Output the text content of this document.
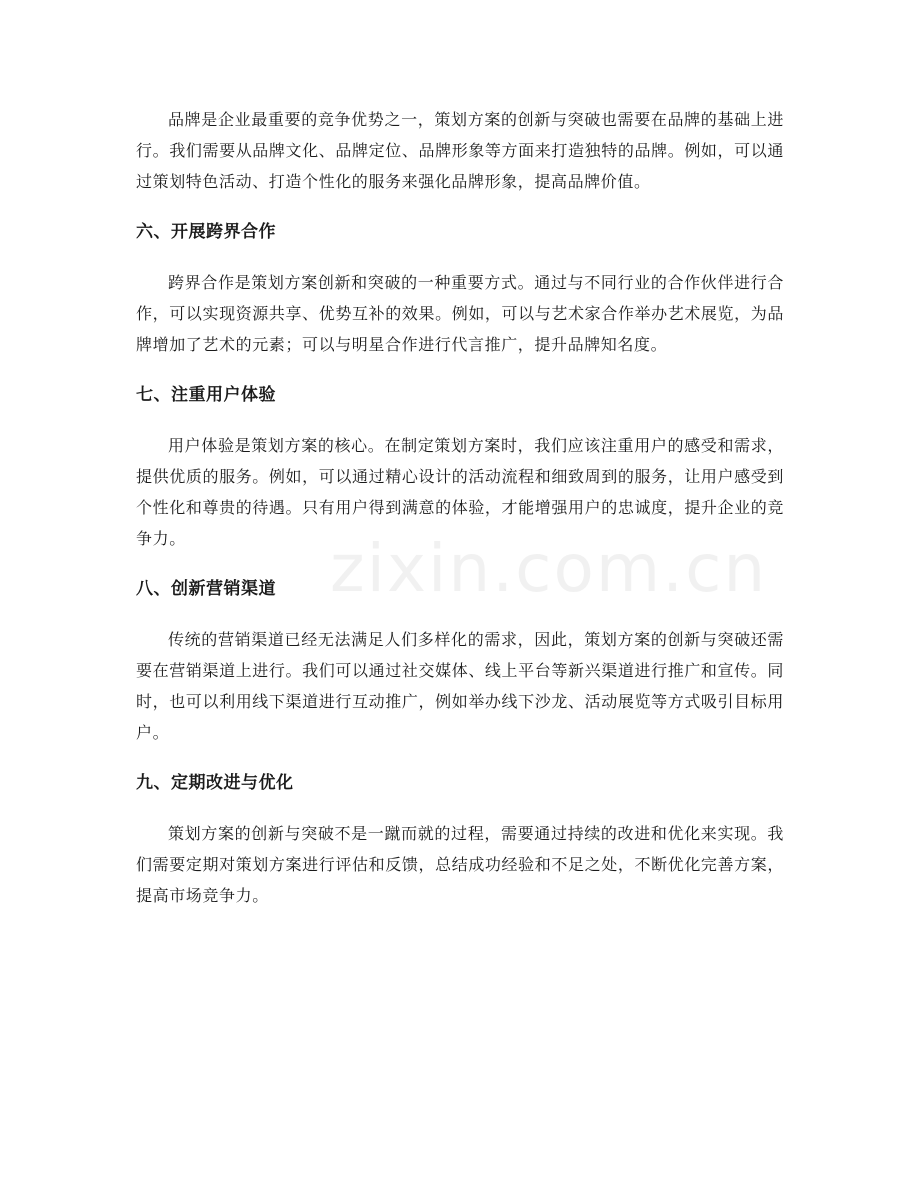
zixin.com.cn

品牌是企业最重要的竞争优势之一，策划方案的创新与突破也需要在品牌的基础上进行。我们需要从品牌文化、品牌定位、品牌形象等方面来打造独特的品牌。例如，可以通过策划特色活动、打造个性化的服务来强化品牌形象，提高品牌价值。

六、开展跨界合作

跨界合作是策划方案创新和突破的一种重要方式。通过与不同行业的合作伙伴进行合作，可以实现资源共享、优势互补的效果。例如，可以与艺术家合作举办艺术展览，为品牌增加了艺术的元素；可以与明星合作进行代言推广，提升品牌知名度。

七、注重用户体验

用户体验是策划方案的核心。在制定策划方案时，我们应该注重用户的感受和需求，提供优质的服务。例如，可以通过精心设计的活动流程和细致周到的服务，让用户感受到个性化和尊贵的待遇。只有用户得到满意的体验，才能增强用户的忠诚度，提升企业的竞争力。

八、创新营销渠道

传统的营销渠道已经无法满足人们多样化的需求，因此，策划方案的创新与突破还需要在营销渠道上进行。我们可以通过社交媒体、线上平台等新兴渠道进行推广和宣传。同时，也可以利用线下渠道进行互动推广，例如举办线下沙龙、活动展览等方式吸引目标用户。

九、定期改进与优化

策划方案的创新与突破不是一蹴而就的过程，需要通过持续的改进和优化来实现。我们需要定期对策划方案进行评估和反馈，总结成功经验和不足之处，不断优化完善方案，提高市场竞争力。
